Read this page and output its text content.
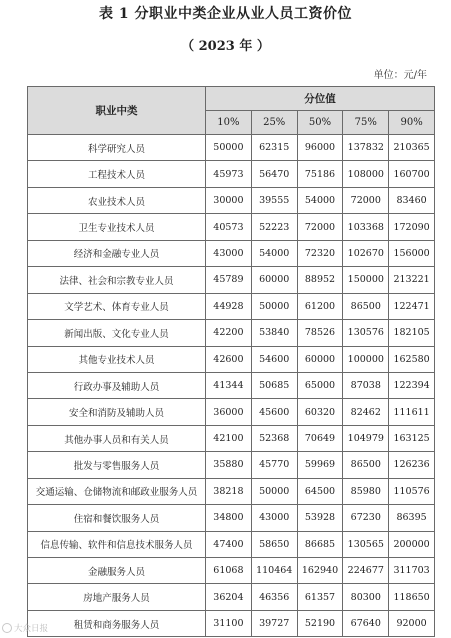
表 1 分职业中类企业从业人员工资价位
（ 2023 年 ）
单位：元/年
职业中类	分位值				
	10%	25%	50%	75%	90%
科学研究人员	50000	62315	96000	137832	210365
工程技术人员	45973	56470	75186	108000	160700
农业技术人员	30000	39555	54000	72000	83460
卫生专业技术人员	40573	52223	72000	103368	172090
经济和金融专业人员	43000	54000	72320	102670	156000
法律、社会和宗教专业人员	45789	60000	88952	150000	213221
文学艺术、体育专业人员	44928	50000	61200	86500	122471
新闻出版、文化专业人员	42200	53840	78526	130576	182105
其他专业技术人员	42600	54600	60000	100000	162580
行政办事及辅助人员	41344	50685	65000	87038	122394
安全和消防及辅助人员	36000	45600	60320	82462	111611
其他办事人员和有关人员	42100	52368	70649	104979	163125
批发与零售服务人员	35880	45770	59969	86500	126236
交通运输、仓储物流和邮政业服务人员	38218	50000	64500	85980	110576
住宿和餐饮服务人员	34800	43000	53928	67230	86395
信息传输、软件和信息技术服务人员	47400	58650	86685	130565	200000
金融服务人员	61068	110464	162940	224677	311703
房地产服务人员	36204	46356	61357	80300	118650
租赁和商务服务人员	31100	39727	52190	67640	92000
大众日报
